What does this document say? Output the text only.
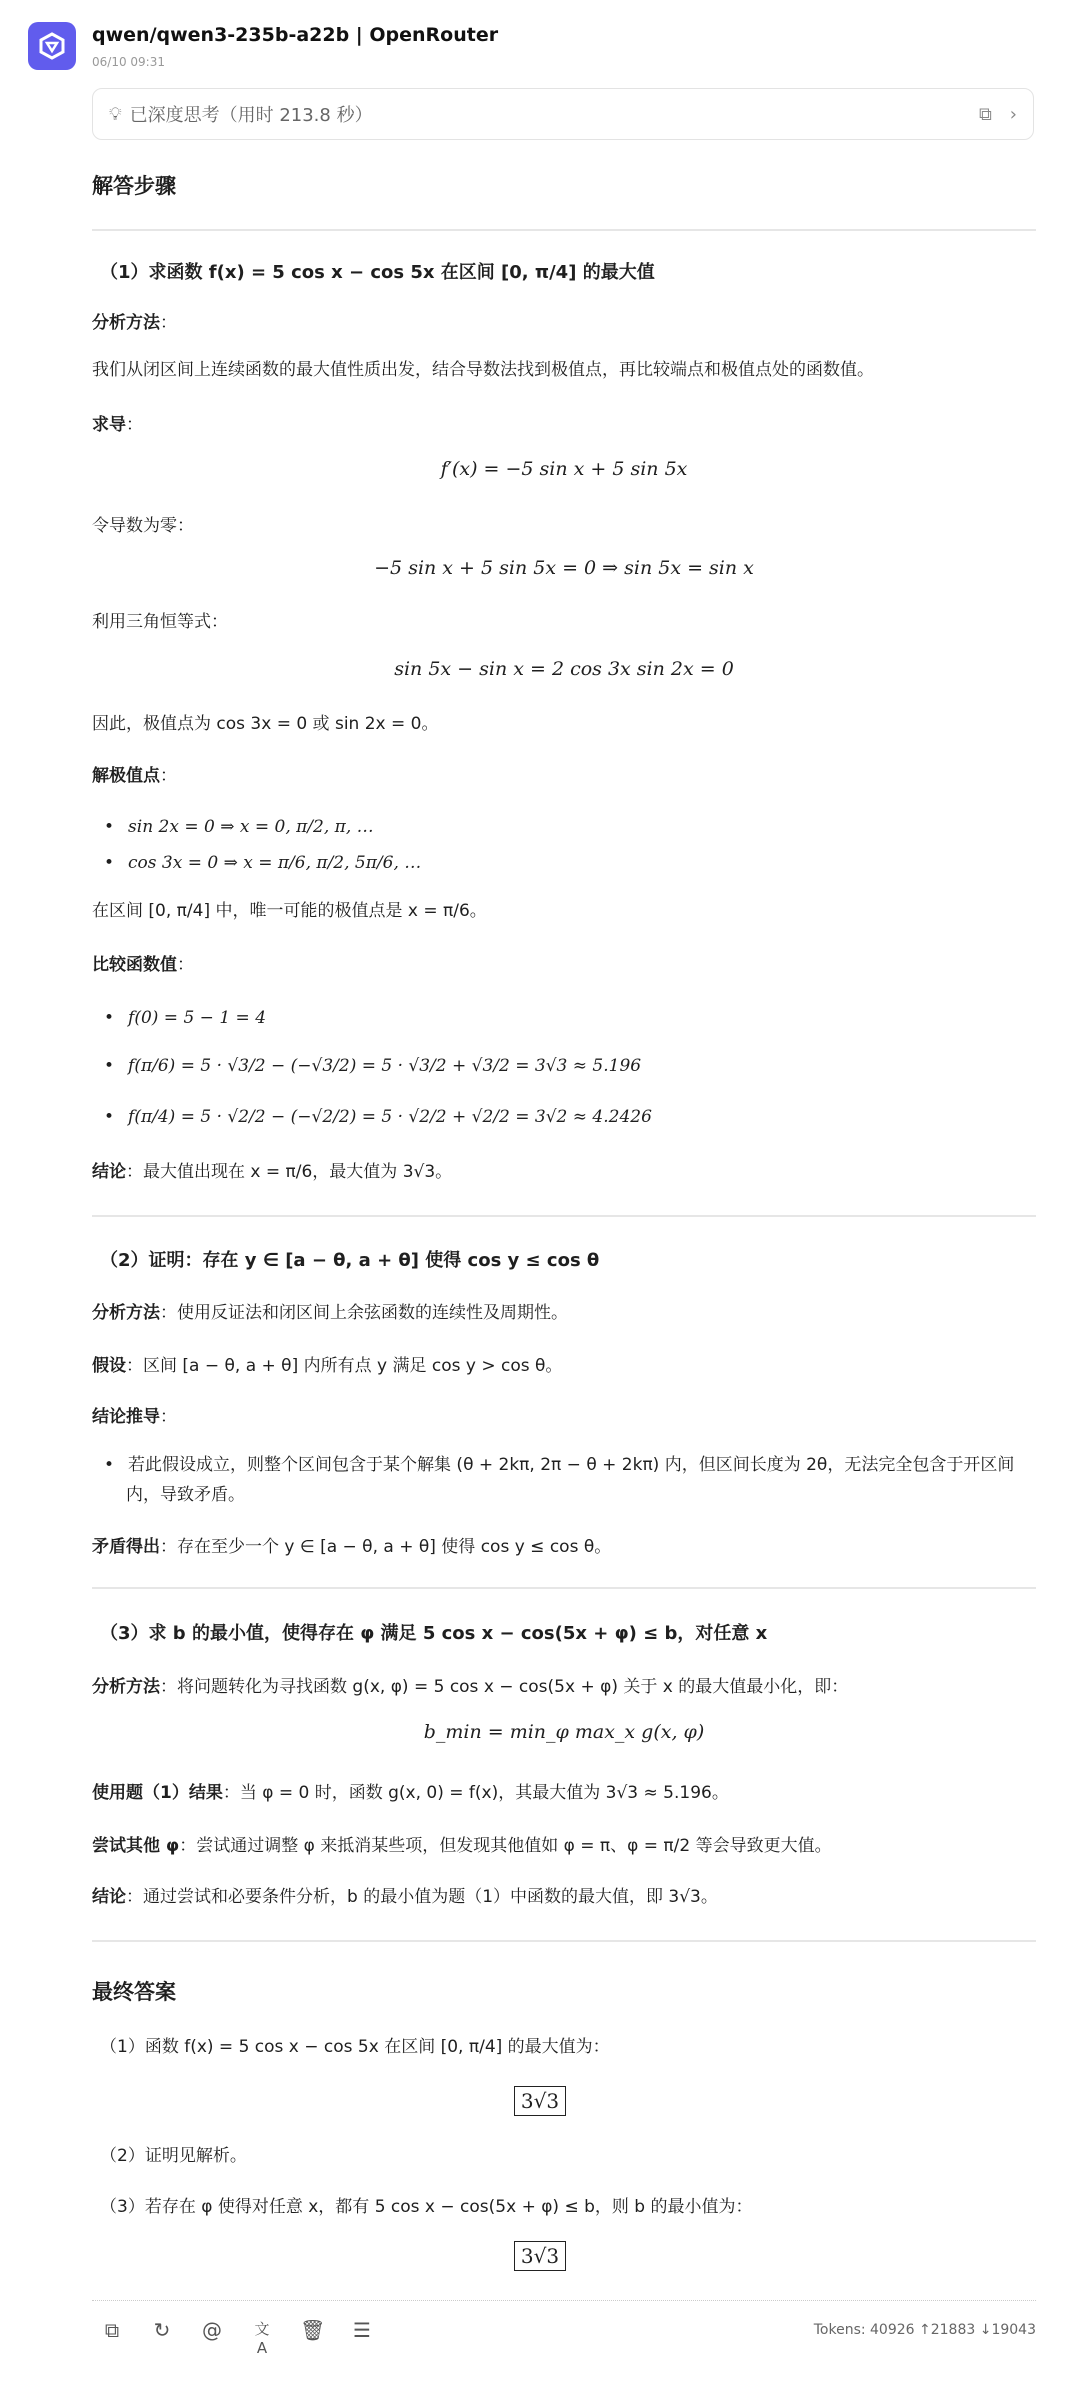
qwen/qwen3-235b-a22b | OpenRouter
06/10 09:31
💡︎ 已深度思考（用时 213.8 秒）	⧉ ›
解答步骤
（1）求函数 f(x) = 5 cos x − cos 5x 在区间 [0, π/4] 的最大值
分析方法：
我们从闭区间上连续函数的最大值性质出发，结合导数法找到极值点，再比较端点和极值点处的函数值。
求导：
f′(x) = −5 sin x + 5 sin 5x
令导数为零：
−5 sin x + 5 sin 5x = 0 ⇒ sin 5x = sin x
利用三角恒等式：
sin 5x − sin x = 2 cos 3x sin 2x = 0
因此，极值点为 cos 3x = 0 或 sin 2x = 0。
解极值点：
• sin 2x = 0 ⇒ x = 0, π/2, π, …
• cos 3x = 0 ⇒ x = π/6, π/2, 5π/6, …
在区间 [0, π/4] 中，唯一可能的极值点是 x = π/6。
比较函数值：
• f(0) = 5 − 1 = 4
• f(π/6) = 5 · √3/2 − (−√3/2) = 5 · √3/2 + √3/2 = 3√3 ≈ 5.196
• f(π/4) = 5 · √2/2 − (−√2/2) = 5 · √2/2 + √2/2 = 3√2 ≈ 4.2426
结论：最大值出现在 x = π/6，最大值为 3√3。
（2）证明：存在 y ∈ [a − θ, a + θ] 使得 cos y ≤ cos θ
分析方法：使用反证法和闭区间上余弦函数的连续性及周期性。
假设：区间 [a − θ, a + θ] 内所有点 y 满足 cos y > cos θ。
结论推导：
• 若此假设成立，则整个区间包含于某个解集 (θ + 2kπ, 2π − θ + 2kπ) 内，但区间长度为 2θ，无法完全包含于开区间内，导致矛盾。
矛盾得出：存在至少一个 y ∈ [a − θ, a + θ] 使得 cos y ≤ cos θ。
（3）求 b 的最小值，使得存在 φ 满足 5 cos x − cos(5x + φ) ≤ b，对任意 x
分析方法：将问题转化为寻找函数 g(x, φ) = 5 cos x − cos(5x + φ) 关于 x 的最大值最小化，即：
b_min = min_φ max_x g(x, φ)
使用题（1）结果：当 φ = 0 时，函数 g(x, 0) = f(x)，其最大值为 3√3 ≈ 5.196。
尝试其他 φ：尝试通过调整 φ 来抵消某些项，但发现其他值如 φ = π、φ = π/2 等会导致更大值。
结论：通过尝试和必要条件分析，b 的最小值为题（1）中函数的最大值，即 3√3。
最终答案
（1）函数 f(x) = 5 cos x − cos 5x 在区间 [0, π/4] 的最大值为：
3√3
（2）证明见解析。
（3）若存在 φ 使得对任意 x，都有 5 cos x − cos(5x + φ) ≤ b，则 b 的最小值为：
3√3
⧉ ↻ @ 文A
🗑︎ ☰	Tokens: 40926 ↑21883 ↓19043
